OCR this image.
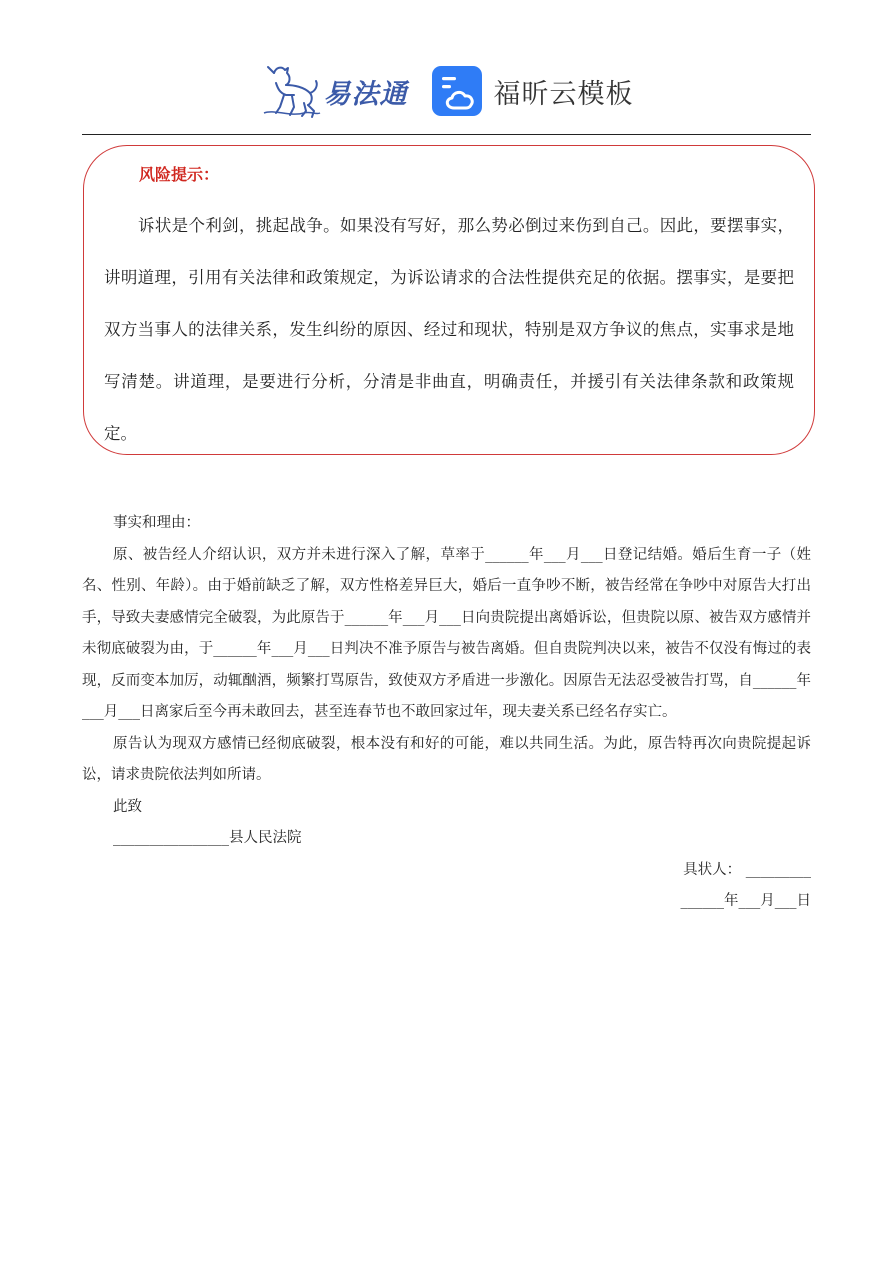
易法通	福昕云模板
风险提示：

诉状是个利剑，挑起战争。如果没有写好，那么势必倒过来伤到自己。因此，要摆事实，讲明道理，引用有关法律和政策规定，为诉讼请求的合法性提供充足的依据。摆事实，是要把双方当事人的法律关系，发生纠纷的原因、经过和现状，特别是双方争议的焦点，实事求是地写清楚。讲道理，是要进行分析，分清是非曲直，明确责任，并援引有关法律条款和政策规定。

事实和理由：

原、被告经人介绍认识，双方并未进行深入了解，草率于______年___月___日登记结婚。婚后生育一子（姓名、性别、年龄）。由于婚前缺乏了解，双方性格差异巨大，婚后一直争吵不断，被告经常在争吵中对原告大打出手，导致夫妻感情完全破裂，为此原告于______年___月___日向贵院提出离婚诉讼，但贵院以原、被告双方感情并未彻底破裂为由，于______年___月___日判决不准予原告与被告离婚。但自贵院判决以来，被告不仅没有悔过的表现，反而变本加厉，动辄酗酒，频繁打骂原告，致使双方矛盾进一步激化。因原告无法忍受被告打骂，自______年___月___日离家后至今再未敢回去，甚至连春节也不敢回家过年，现夫妻关系已经名存实亡。

原告认为现双方感情已经彻底破裂，根本没有和好的可能，难以共同生活。为此，原告特再次向贵院提起诉讼，请求贵院依法判如所请。

此致

________________县人民法院

具状人： _________

______年___月___日
